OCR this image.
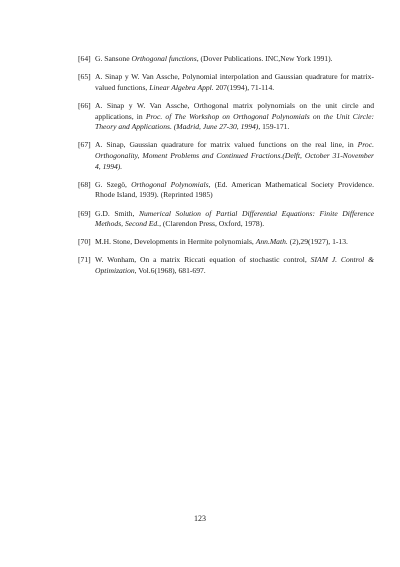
[64] G. Sansone Orthogonal functions, (Dover Publications. INC,New York 1991).
[65] A. Sinap y W. Van Assche, Polynomial interpolation and Gaussian quadrature for matrix-valued functions, Linear Algebra Appl. 207(1994), 71-114.
[66] A. Sinap y W. Van Assche, Orthogonal matrix polynomials on the unit circle and applications, in Proc. of The Workshop on Orthogonal Polynomials on the Unit Circle: Theory and Applications. (Madrid, June 27-30, 1994), 159-171.
[67] A. Sinap, Gaussian quadrature for matrix valued functions on the real line, in Proc. Orthogonality, Moment Problems and Continued Fractions.(Delft, October 31-November 4, 1994).
[68] G. Szegö, Orthogonal Polynomials, (Ed. American Mathematical Society Providence. Rhode Island, 1939). (Reprinted 1985)
[69] G.D. Smith, Numerical Solution of Partial Differential Equations: Finite Difference Methods, Second Ed., (Clarendon Press, Oxford, 1978).
[70] M.H. Stone, Developments in Hermite polynomials, Ann.Math. (2),29(1927), 1-13.
[71] W. Wonham, On a matrix Riccati equation of stochastic control, SIAM J. Control & Optimization, Vol.6(1968), 681-697.
123
